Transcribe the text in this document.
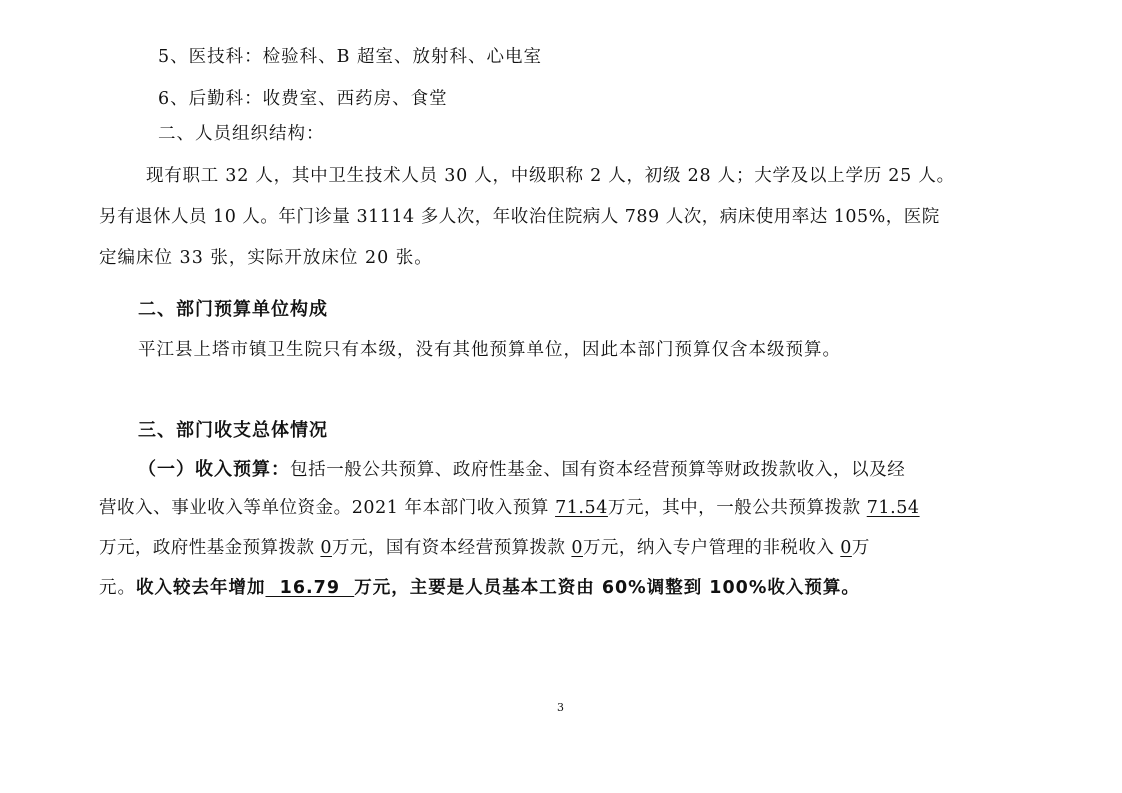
5、医技科：检验科、B 超室、放射科、心电室
6、后勤科：收费室、西药房、食堂
二、人员组织结构：
现有职工 32 人，其中卫生技术人员 30 人，中级职称 2 人，初级 28 人；大学及以上学历 25 人。
另有退休人员 10 人。年门诊量 31114 多人次，年收治住院病人 789 人次，病床使用率达 105%，医院
定编床位 33 张，实际开放床位 20 张。
二、部门预算单位构成
平江县上塔市镇卫生院只有本级，没有其他预算单位，因此本部门预算仅含本级预算。
三、部门收支总体情况
（一）收入预算：包括一般公共预算、政府性基金、国有资本经营预算等财政拨款收入，以及经
营收入、事业收入等单位资金。2021 年本部门收入预算 71.54万元，其中，一般公共预算拨款 71.54
万元，政府性基金预算拨款 0万元，国有资本经营预算拨款 0万元，纳入专户管理的非税收入 0万
元。收入较去年增加  16.79  万元，主要是人员基本工资由 60%调整到 100%收入预算。
3
